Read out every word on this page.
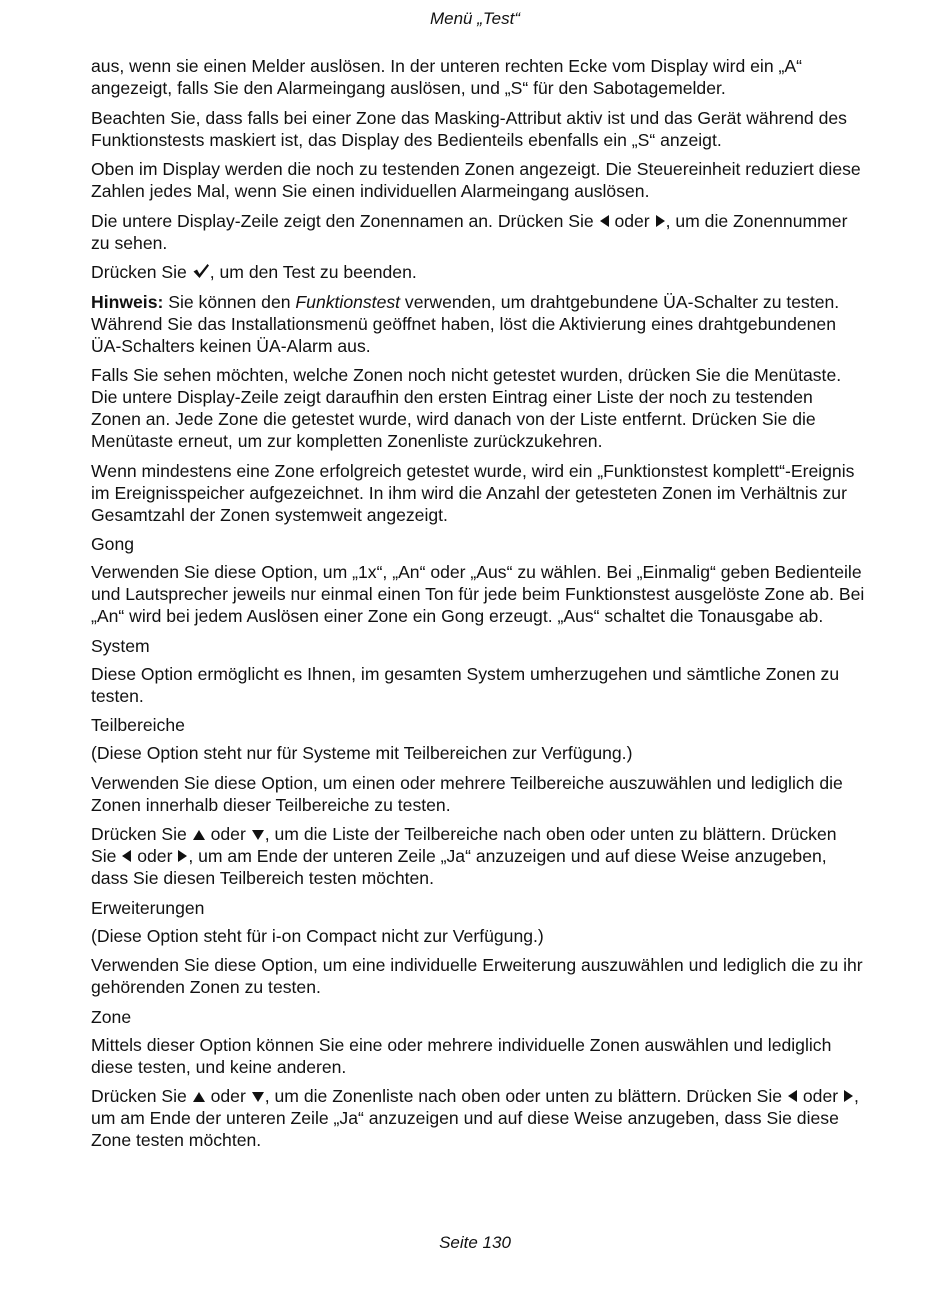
Menü „Test“

aus, wenn sie einen Melder auslösen. In der unteren rechten Ecke vom Display wird ein „A“ angezeigt, falls Sie den Alarmeingang auslösen, und „S“ für den Sabotagemelder.

Beachten Sie, dass falls bei einer Zone das Masking-Attribut aktiv ist und das Gerät während des Funktionstests maskiert ist, das Display des Bedienteils ebenfalls ein „S“ anzeigt.

Oben im Display werden die noch zu testenden Zonen angezeigt. Die Steuereinheit reduziert diese Zahlen jedes Mal, wenn Sie einen individuellen Alarmeingang auslösen.

Die untere Display-Zeile zeigt den Zonennamen an. Drücken Sie  oder , um die Zonennummer zu sehen.

Drücken Sie , um den Test zu beenden.

Hinweis: Sie können den Funktionstest verwenden, um drahtgebundene ÜA-Schalter zu testen. Während Sie das Installationsmenü geöffnet haben, löst die Aktivierung eines drahtgebundenen ÜA-Schalters keinen ÜA-Alarm aus.

Falls Sie sehen möchten, welche Zonen noch nicht getestet wurden, drücken Sie die Menütaste. Die untere Display-Zeile zeigt daraufhin den ersten Eintrag einer Liste der noch zu testenden Zonen an. Jede Zone die getestet wurde, wird danach von der Liste entfernt. Drücken Sie die Menütaste erneut, um zur kompletten Zonenliste zurückzukehren.

Wenn mindestens eine Zone erfolgreich getestet wurde, wird ein „Funktionstest komplett“-Ereignis im Ereignisspeicher aufgezeichnet. In ihm wird die Anzahl der getesteten Zonen im Verhältnis zur Gesamtzahl der Zonen systemweit angezeigt.

Gong

Verwenden Sie diese Option, um „1x“, „An“ oder „Aus“ zu wählen. Bei „Einmalig“ geben Bedienteile und Lautsprecher jeweils nur einmal einen Ton für jede beim Funktionstest ausgelöste Zone ab. Bei „An“ wird bei jedem Auslösen einer Zone ein Gong erzeugt. „Aus“ schaltet die Tonausgabe ab.

System

Diese Option ermöglicht es Ihnen, im gesamten System umherzugehen und sämtliche Zonen zu testen.

Teilbereiche

(Diese Option steht nur für Systeme mit Teilbereichen zur Verfügung.)

Verwenden Sie diese Option, um einen oder mehrere Teilbereiche auszuwählen und lediglich die Zonen innerhalb dieser Teilbereiche zu testen.

Drücken Sie  oder , um die Liste der Teilbereiche nach oben oder unten zu blättern. Drücken Sie  oder , um am Ende der unteren Zeile „Ja“ anzuzeigen und auf diese Weise anzugeben, dass Sie diesen Teilbereich testen möchten.

Erweiterungen

(Diese Option steht für i-on Compact nicht zur Verfügung.)

Verwenden Sie diese Option, um eine individuelle Erweiterung auszuwählen und lediglich die zu ihr gehörenden Zonen zu testen.

Zone

Mittels dieser Option können Sie eine oder mehrere individuelle Zonen auswählen und lediglich diese testen, und keine anderen.

Drücken Sie  oder , um die Zonenliste nach oben oder unten zu blättern. Drücken Sie  oder , um am Ende der unteren Zeile „Ja“ anzuzeigen und auf diese Weise anzugeben, dass Sie diese Zone testen möchten.

Seite 130
